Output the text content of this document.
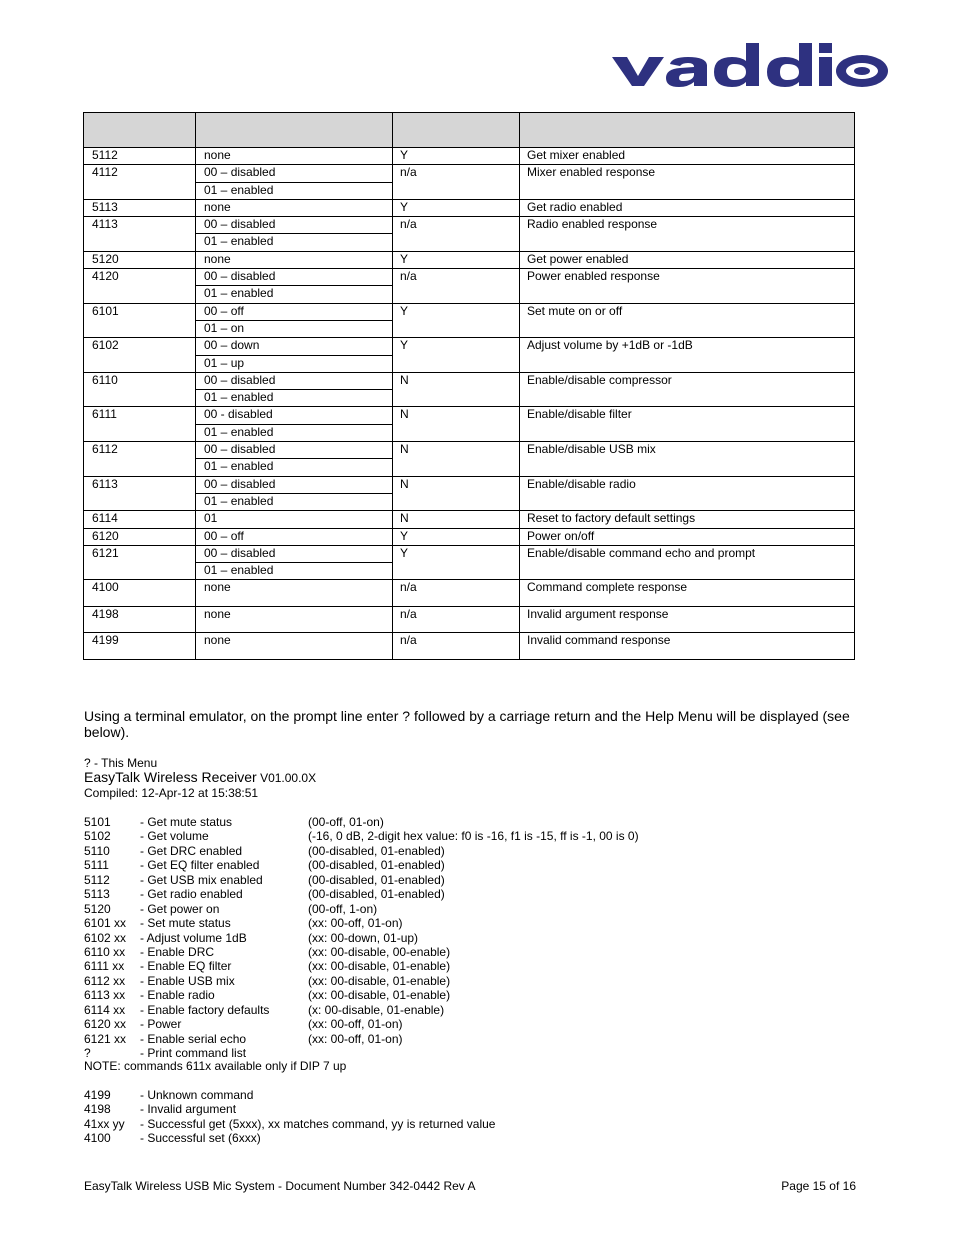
5112	none	Y	Get mixer enabled
4112	00 – disabled	n/a	Mixer enabled response
	01 – enabled		
5113	none	Y	Get radio enabled
4113	00 – disabled	n/a	Radio enabled response
	01 – enabled		
5120	none	Y	Get power enabled
4120	00 – disabled	n/a	Power enabled response
	01 – enabled		
6101	00 – off	Y	Set mute on or off
	01 – on		
6102	00 – down	Y	Adjust volume by +1dB or -1dB
	01 – up		
6110	00 – disabled	N	Enable/disable compressor
	01 – enabled		
6111	00 - disabled	N	Enable/disable filter
	01 – enabled		
6112	00 – disabled	N	Enable/disable USB mix
	01 – enabled		
6113	00 – disabled	N	Enable/disable radio
	01 – enabled		
6114	01	N	Reset to factory default settings
6120	00 – off	Y	Power on/off
6121	00 – disabled	Y	Enable/disable command echo and prompt
	01 – enabled		
4100	none	n/a	Command complete response
4198	none	n/a	Invalid argument response
4199	none	n/a	Invalid command response

Using a terminal emulator, on the prompt line enter ? followed by a carriage return and the Help Menu will be displayed (see below).

? - This Menu
EasyTalk Wireless Receiver V01.00.0X
Compiled: 12-Apr-12 at 15:38:51
5101	- Get mute status	(00-off, 01-on)
5102	- Get volume	(-16, 0 dB, 2-digit hex value: f0 is -16, f1 is -15, ff is -1, 00 is 0)
5110	- Get DRC enabled	(00-disabled, 01-enabled)
5111	- Get EQ filter enabled	(00-disabled, 01-enabled)
5112	- Get USB mix enabled	(00-disabled, 01-enabled)
5113	- Get radio enabled	(00-disabled, 01-enabled)
5120	- Get power on	(00-off, 1-on)
6101 xx	- Set mute status	(xx: 00-off, 01-on)
6102 xx	- Adjust volume 1dB	(xx: 00-down, 01-up)
6110 xx	- Enable DRC	(xx: 00-disable, 00-enable)
6111 xx	- Enable EQ filter	(xx: 00-disable, 01-enable)
6112 xx	- Enable USB mix	(xx: 00-disable, 01-enable)
6113 xx	- Enable radio	(xx: 00-disable, 01-enable)
6114 xx	- Enable factory defaults	(x: 00-disable, 01-enable)
6120 xx	- Power	(xx: 00-off, 01-on)
6121 xx	- Enable serial echo	(xx: 00-off, 01-on)
?	- Print command list
NOTE: commands 611x available only if DIP 7 up
4199	- Unknown command
4198	- Invalid argument
41xx yy	- Successful get (5xxx), xx matches command, yy is returned value
4100	- Successful set (6xxx)
EasyTalk Wireless USB Mic System - Document Number 342-0442 Rev A	Page 15 of 16
